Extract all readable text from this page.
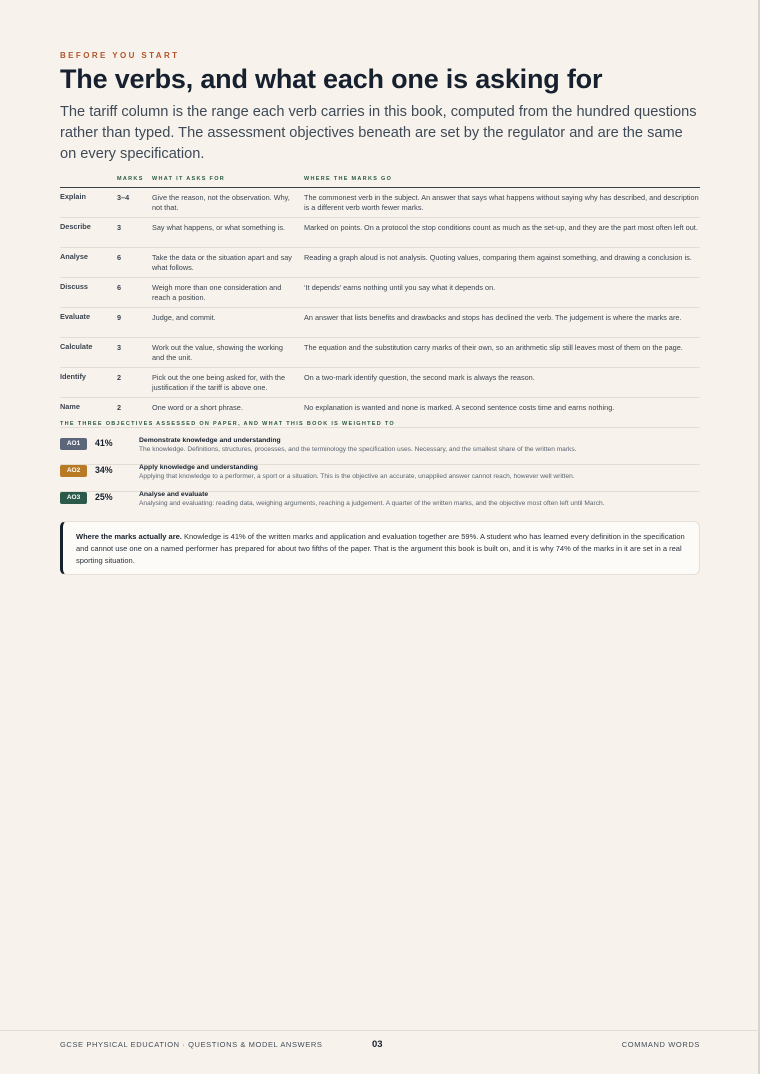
BEFORE YOU START
The verbs, and what each one is asking for

The tariff column is the range each verb carries in this book, computed from the hundred questions rather than typed. The assessment objectives beneath are set by the regulator and are the same on every specification.

	MARKS	WHAT IT ASKS FOR	WHERE THE MARKS GO
Explain	3–4	Give the reason, not the observation. Why, not that.	The commonest verb in the subject. An answer that says what happens without saying why has described, and description is a different verb worth fewer marks.
Describe	3	Say what happens, or what something is.	Marked on points. On a protocol the stop conditions count as much as the set-up, and they are the part most often left out.
Analyse	6	Take the data or the situation apart and say what follows.	Reading a graph aloud is not analysis. Quoting values, comparing them against something, and drawing a conclusion is.
Discuss	6	Weigh more than one consideration and reach a position.	‘It depends’ earns nothing until you say what it depends on.
Evaluate	9	Judge, and commit.	An answer that lists benefits and drawbacks and stops has declined the verb. The judgement is where the marks are.
Calculate	3	Work out the value, showing the working and the unit.	The equation and the substitution carry marks of their own, so an arithmetic slip still leaves most of them on the page.
Identify	2	Pick out the one being asked for, with the justification if the tariff is above one.	On a two-mark identify question, the second mark is always the reason.
Name	2	One word or a short phrase.	No explanation is wanted and none is marked. A second sentence costs time and earns nothing.
THE THREE OBJECTIVES ASSESSED ON PAPER, AND WHAT THIS BOOK IS WEIGHTED TO
AO1	41%	Demonstrate knowledge and understanding
The knowledge. Definitions, structures, processes, and the terminology the specification uses. Necessary, and the smallest share of the written marks.
AO2	34%	Apply knowledge and understanding
Applying that knowledge to a performer, a sport or a situation. This is the objective an accurate, unapplied answer cannot reach, however well written.
AO3	25%	Analyse and evaluate
Analysing and evaluating: reading data, weighing arguments, reaching a judgement. A quarter of the written marks, and the objective most often left until March.
Where the marks actually are. Knowledge is 41% of the written marks and application and evaluation together are 59%. A student who has learned every definition in the specification and cannot use one on a named performer has prepared for about two fifths of the paper. That is the argument this book is built on, and it is why 74% of the marks in it are set in a real sporting situation.
GCSE PHYSICAL EDUCATION · QUESTIONS & MODEL ANSWERS	03	COMMAND WORDS
